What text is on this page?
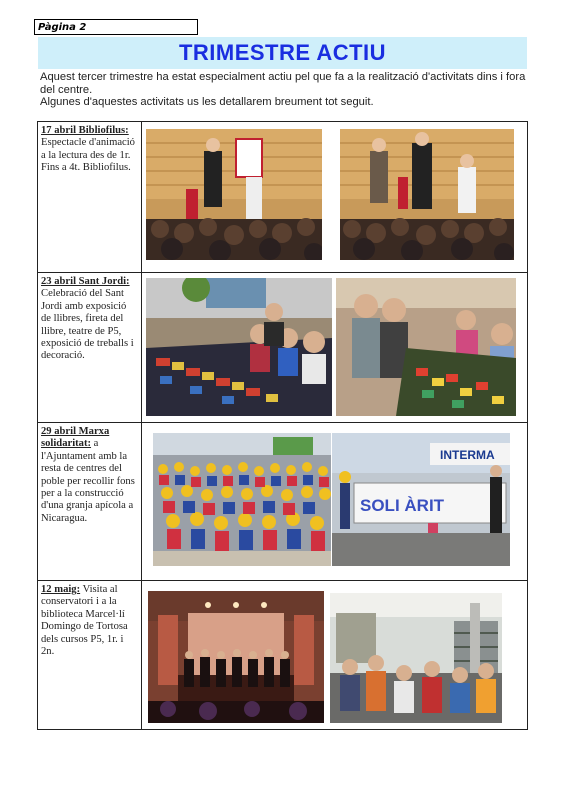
Pàgina 2
TRIMESTRE ACTIU

Aquest tercer trimestre ha estat especialment actiu pel que fa a la realització d'activitats dins i fora del centre.

Algunes d'aquestes activitats us les detallarem breument tot seguit.

17 abril Bibliofilus: Espectacle d'animació a la lectura des de 1r. Fins a 4t. Bibliofilus.
23 abril Sant Jordi: Celebració del Sant Jordi amb exposició de llibres, fireta del llibre, teatre de P5, exposició de treballs i decoració.
29 abril Marxa solidaritat: a l'Ajuntament amb la resta de centres del poble per recollir fons per a la construcció d'una granja apícola a Nicaragua.
INTERMA
SOLI ÀRIT
12 maig: Visita al conservatori i a la biblioteca Marcel·lí Domingo de Tortosa dels cursos P5, 1r. i 2n.
